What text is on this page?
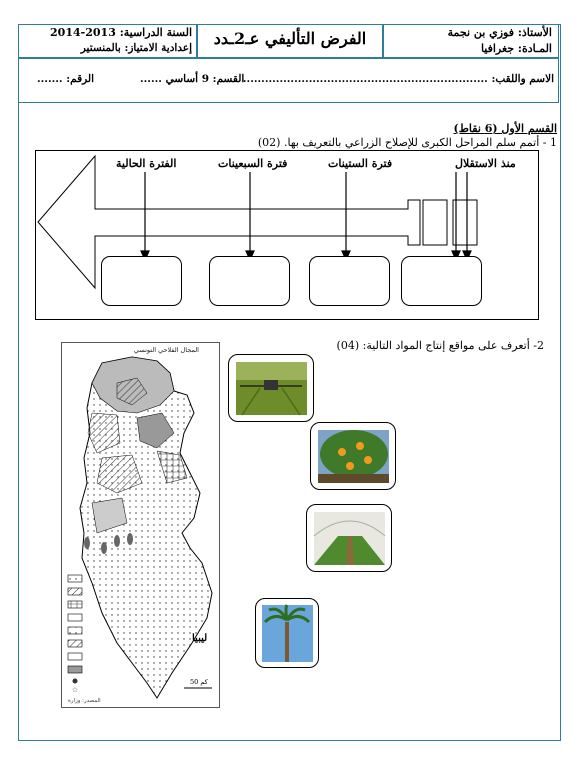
الأستاذ: فوزي بن نجمة
المـادة: جغرافيا
الفرض التأليفي عـ2ـدد
السنة الدراسية: 2013-2014
إعدادية الامتياز: بالمنستير
الاسم واللقب: ...................................................................
القسم: 9 أساسي ......
الرقم: .......
القسم الأول (6 نقاط)
1 - أتمم سلم المراحل الكبرى للإصلاح الزراعي بالتعريف بها. (02)
منذ الاستقلال
فترة الستينات
فترة السبعينات
الفترة الحالية
2- أتعرف على مواقع إنتاج المواد التالية: (04)
☆
المجال الفلاحي التونسي
ليبيا
50 كم
المصدر: وزارة
